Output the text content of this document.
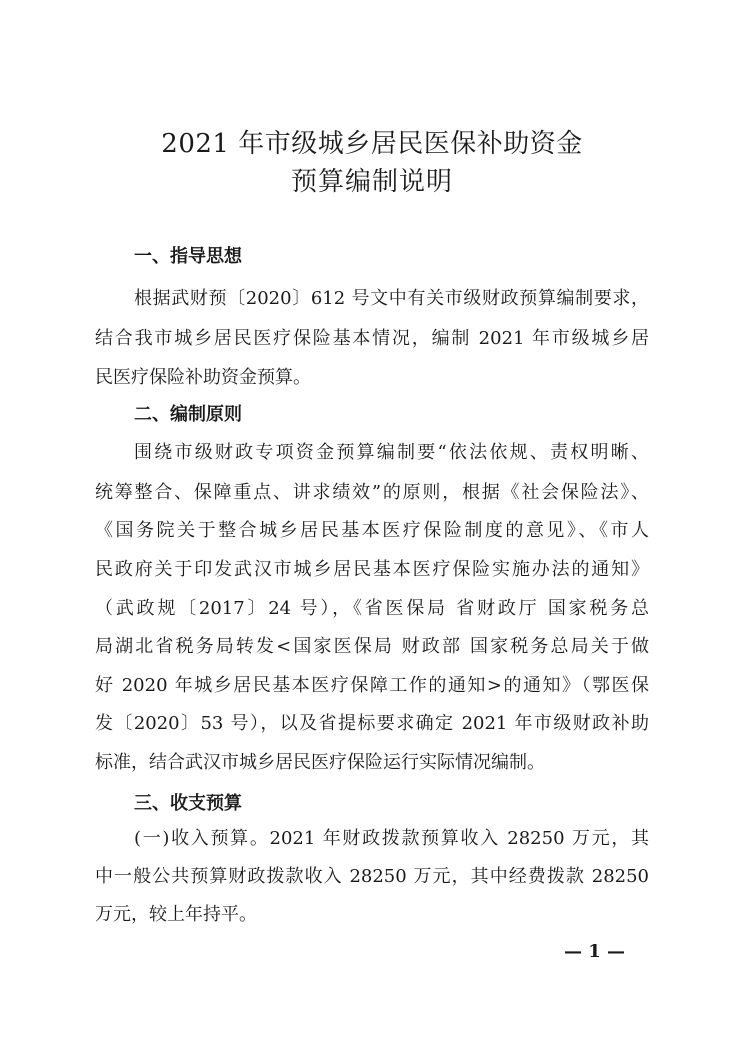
2021 年市级城乡居民医保补助资金
预算编制说明
一、指导思想
根据武财预〔2020〕612 号文中有关市级财政预算编制要求，
结合我市城乡居民医疗保险基本情况，编制 2021 年市级城乡居
民医疗保险补助资金预算。
二、编制原则
围绕市级财政专项资金预算编制要“依法依规、责权明晰、
统筹整合、保障重点、讲求绩效”的原则，根据《社会保险法》、
《国务院关于整合城乡居民基本医疗保险制度的意见》、《市人
民政府关于印发武汉市城乡居民基本医疗保险实施办法的通知》
（武政规〔2017〕24 号），《省医保局 省财政厅 国家税务总
局湖北省税务局转发<国家医保局 财政部 国家税务总局关于做
好 2020 年城乡居民基本医疗保障工作的通知>的通知》（鄂医保
发〔2020〕53 号），以及省提标要求确定 2021 年市级财政补助
标准，结合武汉市城乡居民医疗保险运行实际情况编制。
三、收支预算
(一)收入预算。2021 年财政拨款预算收入 28250 万元，其
中一般公共预算财政拨款收入 28250 万元，其中经费拨款 28250
万元，较上年持平。
— 1 —
